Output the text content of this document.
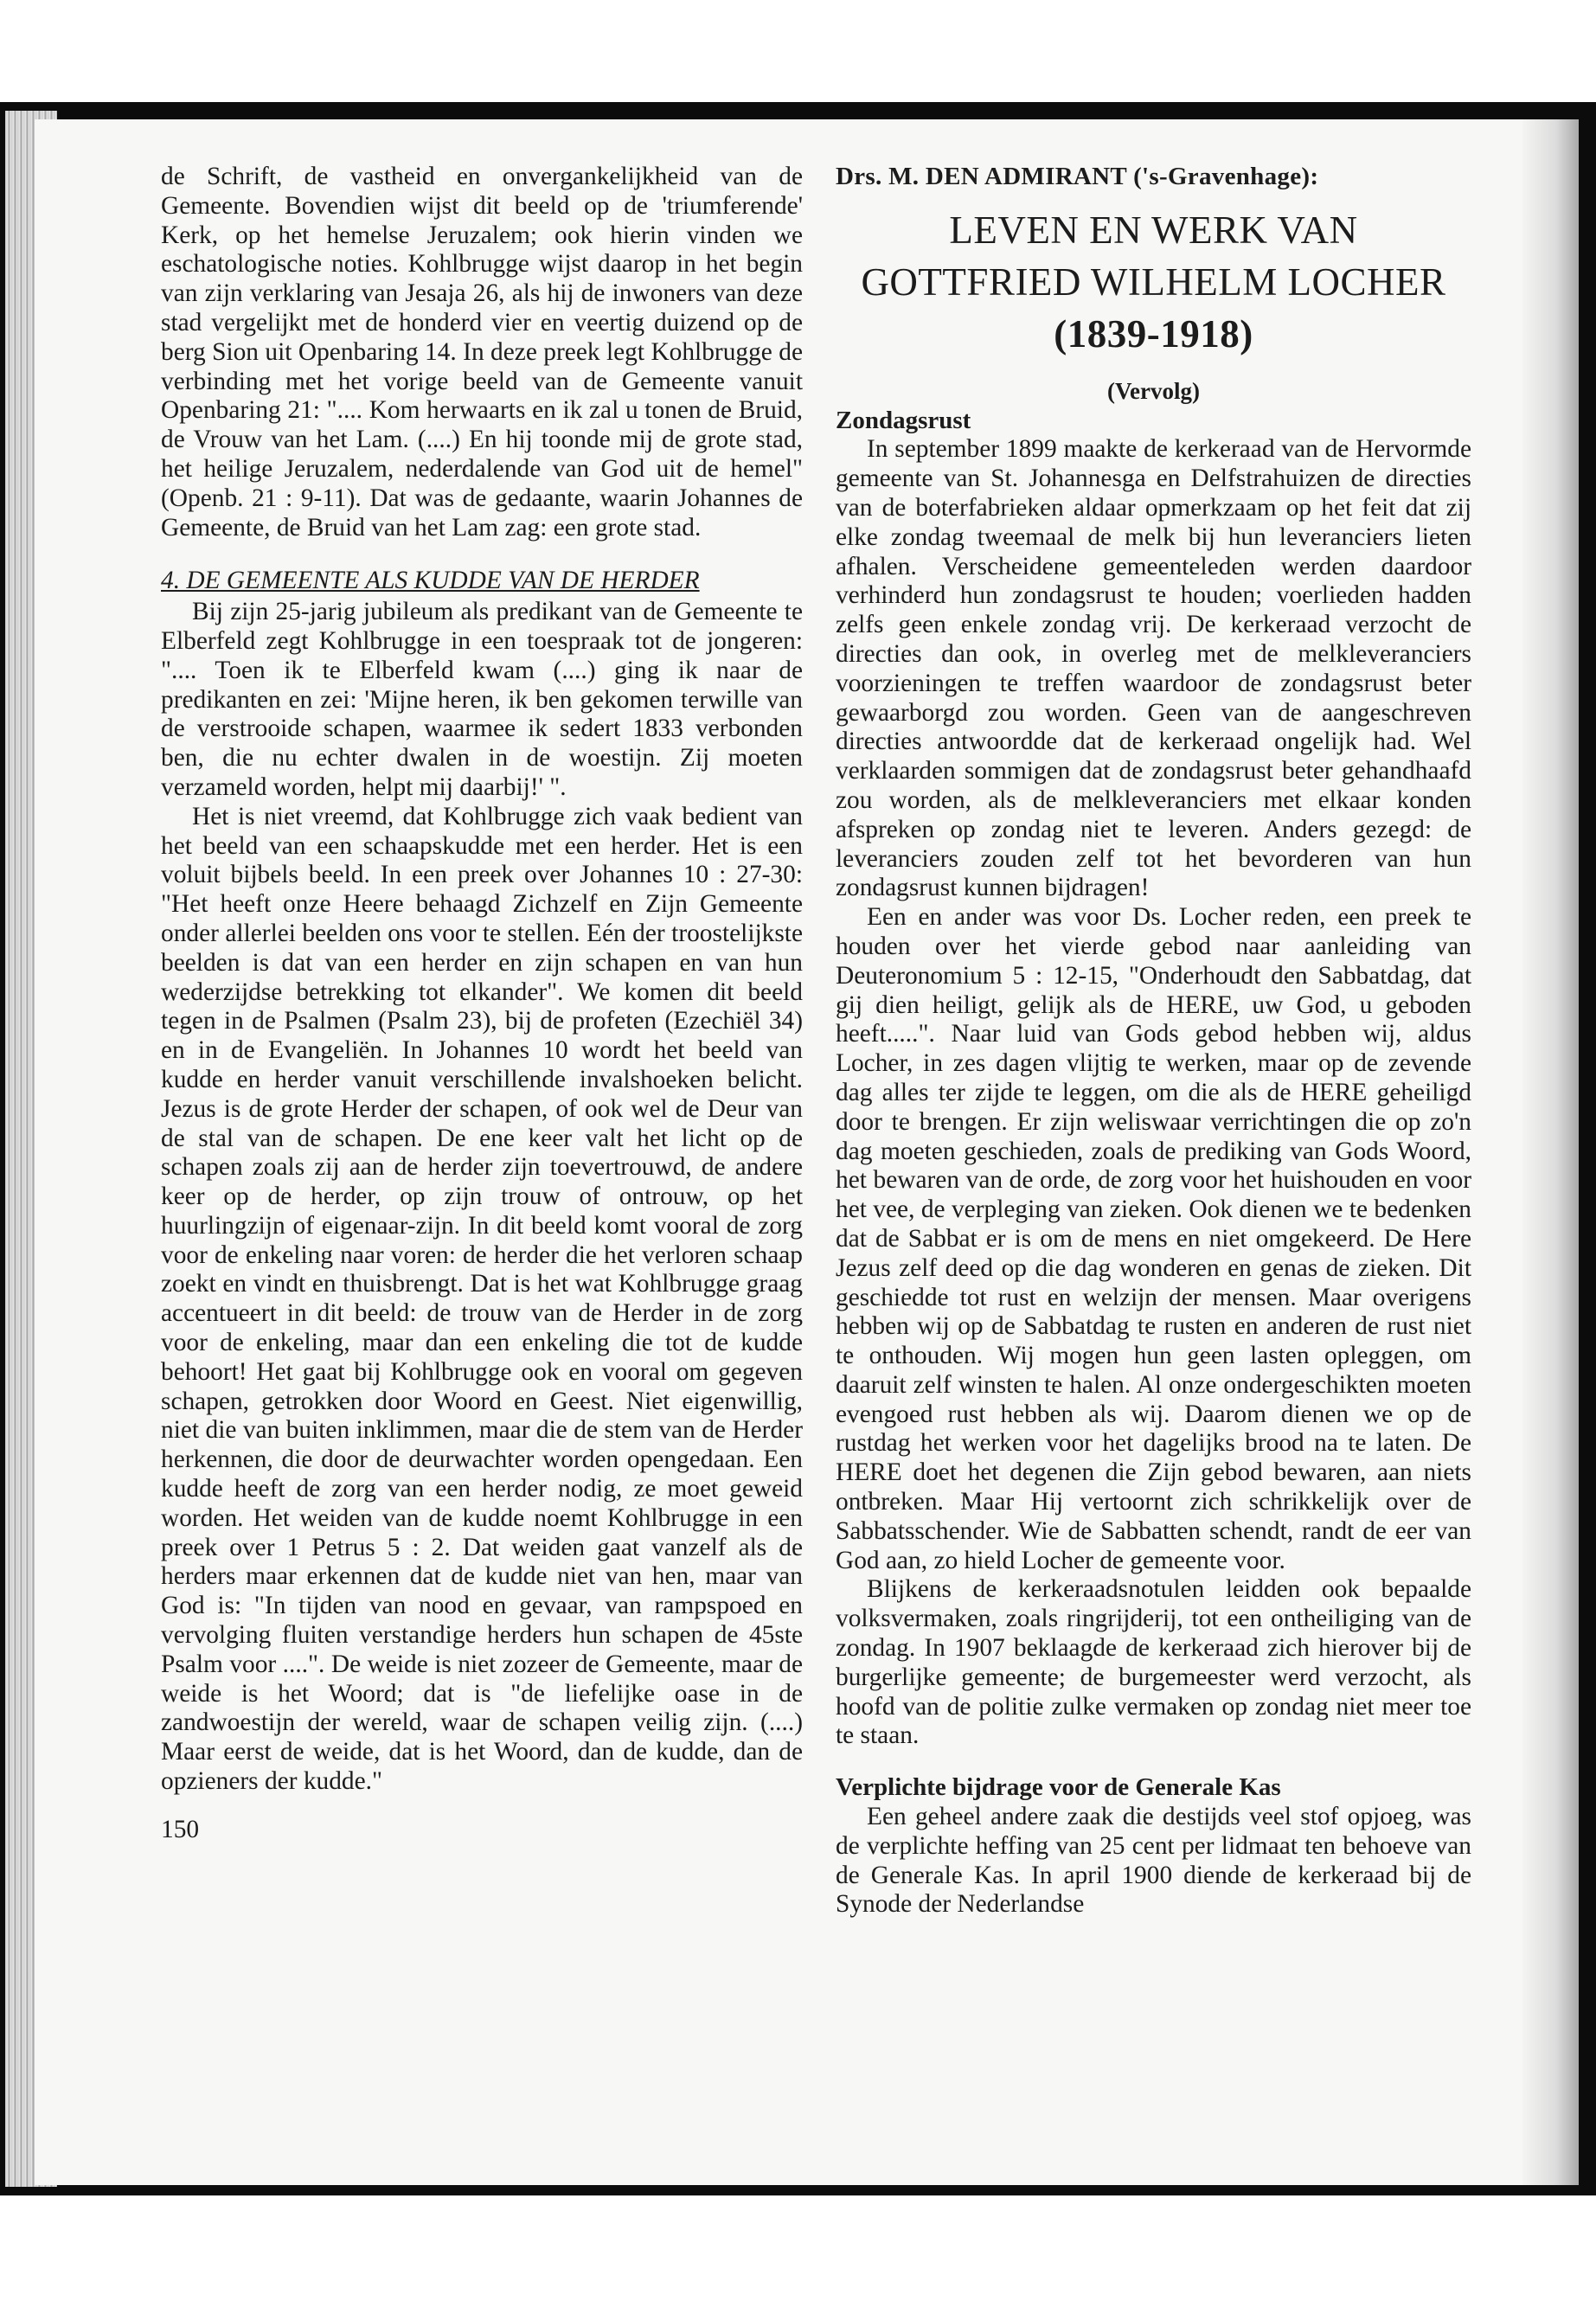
de Schrift, de vastheid en onvergankelijkheid van de Gemeente. Bovendien wijst dit beeld op de 'triumferende' Kerk, op het hemelse Jeruzalem; ook hierin vinden we eschatologische noties. Kohlbrugge wijst daarop in het begin van zijn verklaring van Jesaja 26, als hij de inwoners van deze stad vergelijkt met de honderd vier en veertig duizend op de berg Sion uit Openbaring 14. In deze preek legt Kohlbrugge de verbinding met het vorige beeld van de Gemeente vanuit Openbaring 21: ".... Kom herwaarts en ik zal u tonen de Bruid, de Vrouw van het Lam. (....) En hij toonde mij de grote stad, het heilige Jeruzalem, nederdalende van God uit de hemel" (Openb. 21 : 9-11). Dat was de gedaante, waarin Johannes de Gemeente, de Bruid van het Lam zag: een grote stad.

4. DE GEMEENTE ALS KUDDE VAN DE HERDER

Bij zijn 25-jarig jubileum als predikant van de Gemeente te Elberfeld zegt Kohlbrugge in een toespraak tot de jongeren: ".... Toen ik te Elberfeld kwam (....) ging ik naar de predikanten en zei: 'Mijne heren, ik ben gekomen terwille van de verstrooide schapen, waarmee ik sedert 1833 verbonden ben, die nu echter dwalen in de woestijn. Zij moeten verzameld worden, helpt mij daarbij!' ".

Het is niet vreemd, dat Kohlbrugge zich vaak bedient van het beeld van een schaapskudde met een herder. Het is een voluit bijbels beeld. In een preek over Johannes 10 : 27-30: "Het heeft onze Heere behaagd Zichzelf en Zijn Gemeente onder allerlei beelden ons voor te stellen. Eén der troostelijkste beelden is dat van een herder en zijn schapen en van hun wederzijdse betrekking tot elkander". We komen dit beeld tegen in de Psalmen (Psalm 23), bij de profeten (Ezechiël 34) en in de Evangeliën. In Johannes 10 wordt het beeld van kudde en herder vanuit verschillende invalshoeken belicht. Jezus is de grote Herder der schapen, of ook wel de Deur van de stal van de schapen. De ene keer valt het licht op de schapen zoals zij aan de herder zijn toevertrouwd, de andere keer op de herder, op zijn trouw of ontrouw, op het huurlingzijn of eigenaar-zijn. In dit beeld komt vooral de zorg voor de enkeling naar voren: de herder die het verloren schaap zoekt en vindt en thuisbrengt. Dat is het wat Kohlbrugge graag accentueert in dit beeld: de trouw van de Herder in de zorg voor de enkeling, maar dan een enkeling die tot de kudde behoort! Het gaat bij Kohlbrugge ook en vooral om gegeven schapen, getrokken door Woord en Geest. Niet eigenwillig, niet die van buiten inklimmen, maar die de stem van de Herder herkennen, die door de deurwachter worden opengedaan. Een kudde heeft de zorg van een herder nodig, ze moet geweid worden. Het weiden van de kudde noemt Kohlbrugge in een preek over 1 Petrus 5 : 2. Dat weiden gaat vanzelf als de herders maar erkennen dat de kudde niet van hen, maar van God is: "In tijden van nood en gevaar, van rampspoed en vervolging fluiten verstandige herders hun schapen de 45ste Psalm voor ....". De weide is niet zozeer de Gemeente, maar de weide is het Woord; dat is "de liefelijke oase in de zandwoestijn der wereld, waar de schapen veilig zijn. (....) Maar eerst de weide, dat is het Woord, dan de kudde, dan de opzieners der kudde."

150
Drs. M. DEN ADMIRANT ('s-Gravenhage):
LEVEN EN WERK VAN
GOTTFRIED WILHELM LOCHER
(1839-1918)
(Vervolg)
Zondagsrust

In september 1899 maakte de kerkeraad van de Hervormde gemeente van St. Johannesga en Delfstrahuizen de directies van de boterfabrieken aldaar opmerkzaam op het feit dat zij elke zondag tweemaal de melk bij hun leveranciers lieten afhalen. Verscheidene gemeenteleden werden daardoor verhinderd hun zondagsrust te houden; voerlieden hadden zelfs geen enkele zondag vrij. De kerkeraad verzocht de directies dan ook, in overleg met de melkleveranciers voorzieningen te treffen waardoor de zondagsrust beter gewaarborgd zou worden. Geen van de aangeschreven directies antwoordde dat de kerkeraad ongelijk had. Wel verklaarden sommigen dat de zondagsrust beter gehandhaafd zou worden, als de melkleveranciers met elkaar konden afspreken op zondag niet te leveren. Anders gezegd: de leveranciers zouden zelf tot het bevorderen van hun zondagsrust kunnen bijdragen!

Een en ander was voor Ds. Locher reden, een preek te houden over het vierde gebod naar aanleiding van Deuteronomium 5 : 12-15, "Onderhoudt den Sabbatdag, dat gij dien heiligt, gelijk als de HERE, uw God, u geboden heeft.....". Naar luid van Gods gebod hebben wij, aldus Locher, in zes dagen vlijtig te werken, maar op de zevende dag alles ter zijde te leggen, om die als de HERE geheiligd door te brengen. Er zijn weliswaar verrichtingen die op zo'n dag moeten geschieden, zoals de prediking van Gods Woord, het bewaren van de orde, de zorg voor het huishouden en voor het vee, de verpleging van zieken. Ook dienen we te bedenken dat de Sabbat er is om de mens en niet omgekeerd. De Here Jezus zelf deed op die dag wonderen en genas de zieken. Dit geschiedde tot rust en welzijn der mensen. Maar overigens hebben wij op de Sabbatdag te rusten en anderen de rust niet te onthouden. Wij mogen hun geen lasten opleggen, om daaruit zelf winsten te halen. Al onze ondergeschikten moeten evengoed rust hebben als wij. Daarom dienen we op de rustdag het werken voor het dagelijks brood na te laten. De HERE doet het degenen die Zijn gebod bewaren, aan niets ontbreken. Maar Hij vertoornt zich schrikkelijk over de Sabbatsschender. Wie de Sabbatten schendt, randt de eer van God aan, zo hield Locher de gemeente voor.

Blijkens de kerkeraadsnotulen leidden ook bepaalde volksvermaken, zoals ringrijderij, tot een ontheiliging van de zondag. In 1907 beklaagde de kerkeraad zich hierover bij de burgerlijke gemeente; de burgemeester werd verzocht, als hoofd van de politie zulke vermaken op zondag niet meer toe te staan.

Verplichte bijdrage voor de Generale Kas

Een geheel andere zaak die destijds veel stof opjoeg, was de verplichte heffing van 25 cent per lidmaat ten behoeve van de Generale Kas. In april 1900 diende de kerkeraad bij de Synode der Nederlandse
